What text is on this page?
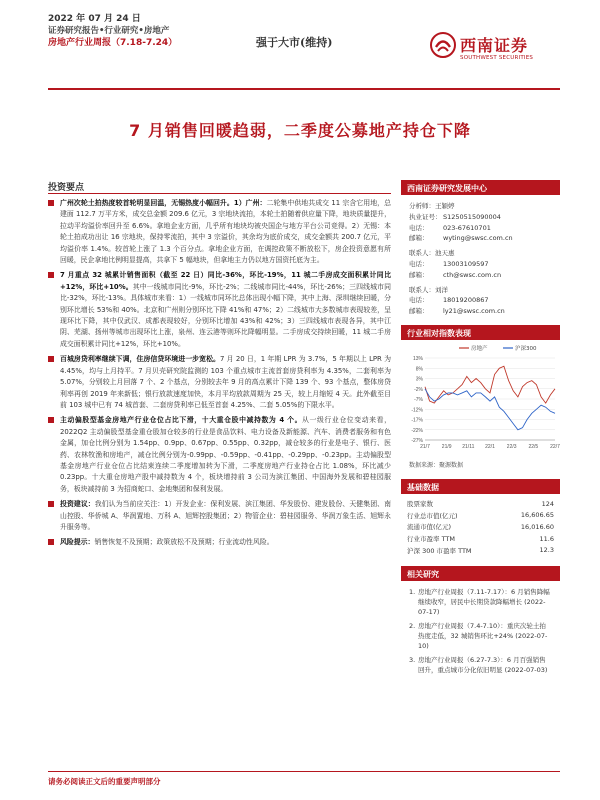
2022 年 07 月 24 日
证券研究报告•行业研究•房地产
房地产行业周报（7.18-7.24）	强于大市(维持)	西南证券
SOUTHWEST SECURITIES
7 月销售回暖趋弱，二季度公募地产持仓下降
投资要点
广州次轮土拍热度较首轮明显回温，无锡热度小幅回升。1）广州：二轮集中供地共成交 11 宗含它用地，总建面 112.7 万平方米，成交总金额 209.6 亿元，3 宗地块流拍，本轮土拍随着供应量下降，地块质量提升，拉动平均溢价率回升至 6.6%。拿地企业方面，几乎所有地块均被央国企与地方平台公司竞得。2）无锡：本轮土拍成功出让 16 宗地块，保持零流拍，其中 3 宗溢价，其余均为底价成交，成交金额共 200.7 亿元，平均溢价率 1.4%。较首轮上涨了 1.3 个百分点。拿地企业方面，在调控政策不断放松下，房企投资意愿有所回暖，民企拿地比例明显提高，共拿下 5 幅地块，但拿地主力仍以地方国资托底为主。
7 月重点 32 城累计销售面积（截至 22 日）同比-36%，环比-19%，11 城二手房成交面积累计同比+12%，环比+10%。其中一线城市同比-9%，环比-2%；二线城市同比-44%，环比-26%；三四线城市同比-32%，环比-13%。具体城市来看：1）一线城市同环比总体出现小幅下降，其中上海、深圳继续回暖，分别环比增长 53%和 40%。北京和广州则分别环比下降 41%和 47%；2）二线城市大多数城市表现较差，呈现环比下降，其中仅武汉、成都表现较好，分别环比增加 43%和 42%；3）三四线城市表现各异，其中江阴、芜湖、扬州等城市出现环比上涨，泉州、连云港等则环比降幅明显。二手房成交持续回暖，11 城二手房成交面积累计同比+12%，环比+10%。
百城房贷利率继续下调，住房信贷环境进一步宽松。7 月 20 日，1 年期 LPR 为 3.7%，5 年期以上 LPR 为 4.45%，均与上月持平。7 月贝壳研究院监测的 103 个重点城市主流首套房贷利率为 4.35%，二套利率为 5.07%，分别较上月回落 7 个、2 个基点，分别较去年 9 月的高点累计下降 139 个、93 个基点，整体房贷利率再创 2019 年来新低；银行放款速度加快，本月平均放款周期为 25 天，较上月缩短 4 天。此外截至目前 103 城中已有 74 城首套、二套房贷利率已低至首套 4.25%、二套 5.05%的下限水平。
主动偏股型基金房地产行业仓位占比下滑，十大重仓股中减持数为 4 个。从一级行业仓位变动来看，2022Q2 主动偏股型基金重仓股加仓较多的行业是食品饮料、电力设备及新能源、汽车、消费者服务和有色金属，加仓比例分别为 1.54pp、0.9pp、0.67pp、0.55pp、0.32pp，减仓较多的行业是电子、银行、医药、农林牧渔和房地产，减仓比例分别为-0.99pp、-0.59pp、-0.41pp、-0.29pp、-0.23pp。主动偏股型基金房地产行业仓位占比结束连续二季度增加转为下滑，二季度房地产行业持仓占比 1.08%，环比减少 0.23pp。十大重仓房地产股中减持数为 4 个，板块增持前 3 公司为滨江集团、中国海外发展和碧桂园服务，板块减持前 3 为招商蛇口、金地集团和保利发展。
投资建议：我们认为当前应关注：1）开发企业：保利发展、滨江集团、华发股份、建发股份、天健集团、南山控股、华侨城 A、华润置地、万科 A、旭辉控股集团；2）物管企业：碧桂园服务、华润万象生活、旭辉永升服务等。
风险提示：销售恢复不及预期；政策放松不及预期；行业流动性风险。
西南证券研究发展中心
分析师：王颖婷
执业证号： S1250515090004
电话： 023-67610701
邮箱： wyting@swsc.com.cn
联系人：池天惠
电话： 13003109597
邮箱： cth@swsc.com.cn
联系人：刘洋
电话： 18019200867
邮箱： ly21@swsc.com.cn
行业相对指数表现
13%
8%
3%
-2%
-7%
-12%
-17%
-22%
-27%
21/7 21/9 21/11 22/1 22/3 22/5 22/7
房地产	沪深300
数据来源：聚源数据
基础数据
股票家数	124
行业总市值(亿元)	16,606.65
流通市值(亿元)	16,016.60
行业市盈率 TTM	11.6
沪深 300 市盈率 TTM	12.3
相关研究
1. 房地产行业周报（7.11-7.17）：6 月销售降幅继续收窄，居民中长期贷款降幅增长 (2022-07-17)
2. 房地产行业周报（7.4-7.10）：重庆次轮土拍热度走低，32 城销售环比+24% (2022-07-10)
3. 房地产行业周报（6.27-7.3）：6 月百强销售回升，重点城市分化依旧明显 (2022-07-03)
请务必阅读正文后的重要声明部分
